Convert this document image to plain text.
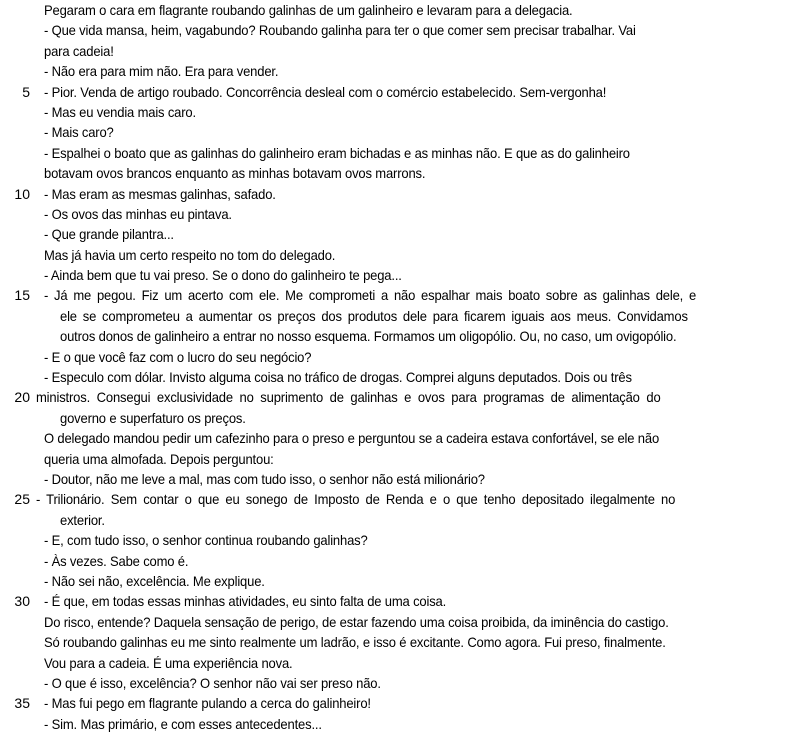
Pegaram o cara em flagrante roubando galinhas de um galinheiro e levaram para a delegacia.
- Que vida mansa, heim, vagabundo? Roubando galinha para ter o que comer sem precisar trabalhar. Vai
para cadeia!
- Não era para mim não. Era para vender.
5 - Pior. Venda de artigo roubado. Concorrência desleal com o comércio estabelecido. Sem-vergonha!
- Mas eu vendia mais caro.
- Mais caro?
- Espalhei o boato que as galinhas do galinheiro eram bichadas e as minhas não. E que as do galinheiro
botavam ovos brancos enquanto as minhas botavam ovos marrons.
10 - Mas eram as mesmas galinhas, safado.
- Os ovos das minhas eu pintava.
- Que grande pilantra...
Mas já havia um certo respeito no tom do delegado.
- Ainda bem que tu vai preso. Se o dono do galinheiro te pega...
15 - Já me pegou. Fiz um acerto com ele. Me comprometi a não espalhar mais boato sobre as galinhas dele, e
ele se comprometeu a aumentar os preços dos produtos dele para ficarem iguais aos meus. Convidamos
outros donos de galinheiro a entrar no nosso esquema. Formamos um oligopólio. Ou, no caso, um ovigopólio.
- E o que você faz com o lucro do seu negócio?
- Especulo com dólar. Invisto alguma coisa no tráfico de drogas. Comprei alguns deputados. Dois ou três
20 ministros. Consegui exclusividade no suprimento de galinhas e ovos para programas de alimentação do
governo e superfaturo os preços.
O delegado mandou pedir um cafezinho para o preso e perguntou se a cadeira estava confortável, se ele não
queria uma almofada. Depois perguntou:
- Doutor, não me leve a mal, mas com tudo isso, o senhor não está milionário?
25 - Trilionário. Sem contar o que eu sonego de Imposto de Renda e o que tenho depositado ilegalmente no
exterior.
- E, com tudo isso, o senhor continua roubando galinhas?
- Às vezes. Sabe como é.
- Não sei não, excelência. Me explique.
30 - É que, em todas essas minhas atividades, eu sinto falta de uma coisa.
Do risco, entende? Daquela sensação de perigo, de estar fazendo uma coisa proibida, da iminência do castigo.
Só roubando galinhas eu me sinto realmente um ladrão, e isso é excitante. Como agora. Fui preso, finalmente.
Vou para a cadeia. É uma experiência nova.
- O que é isso, excelência? O senhor não vai ser preso não.
35 - Mas fui pego em flagrante pulando a cerca do galinheiro!
- Sim. Mas primário, e com esses antecedentes...
